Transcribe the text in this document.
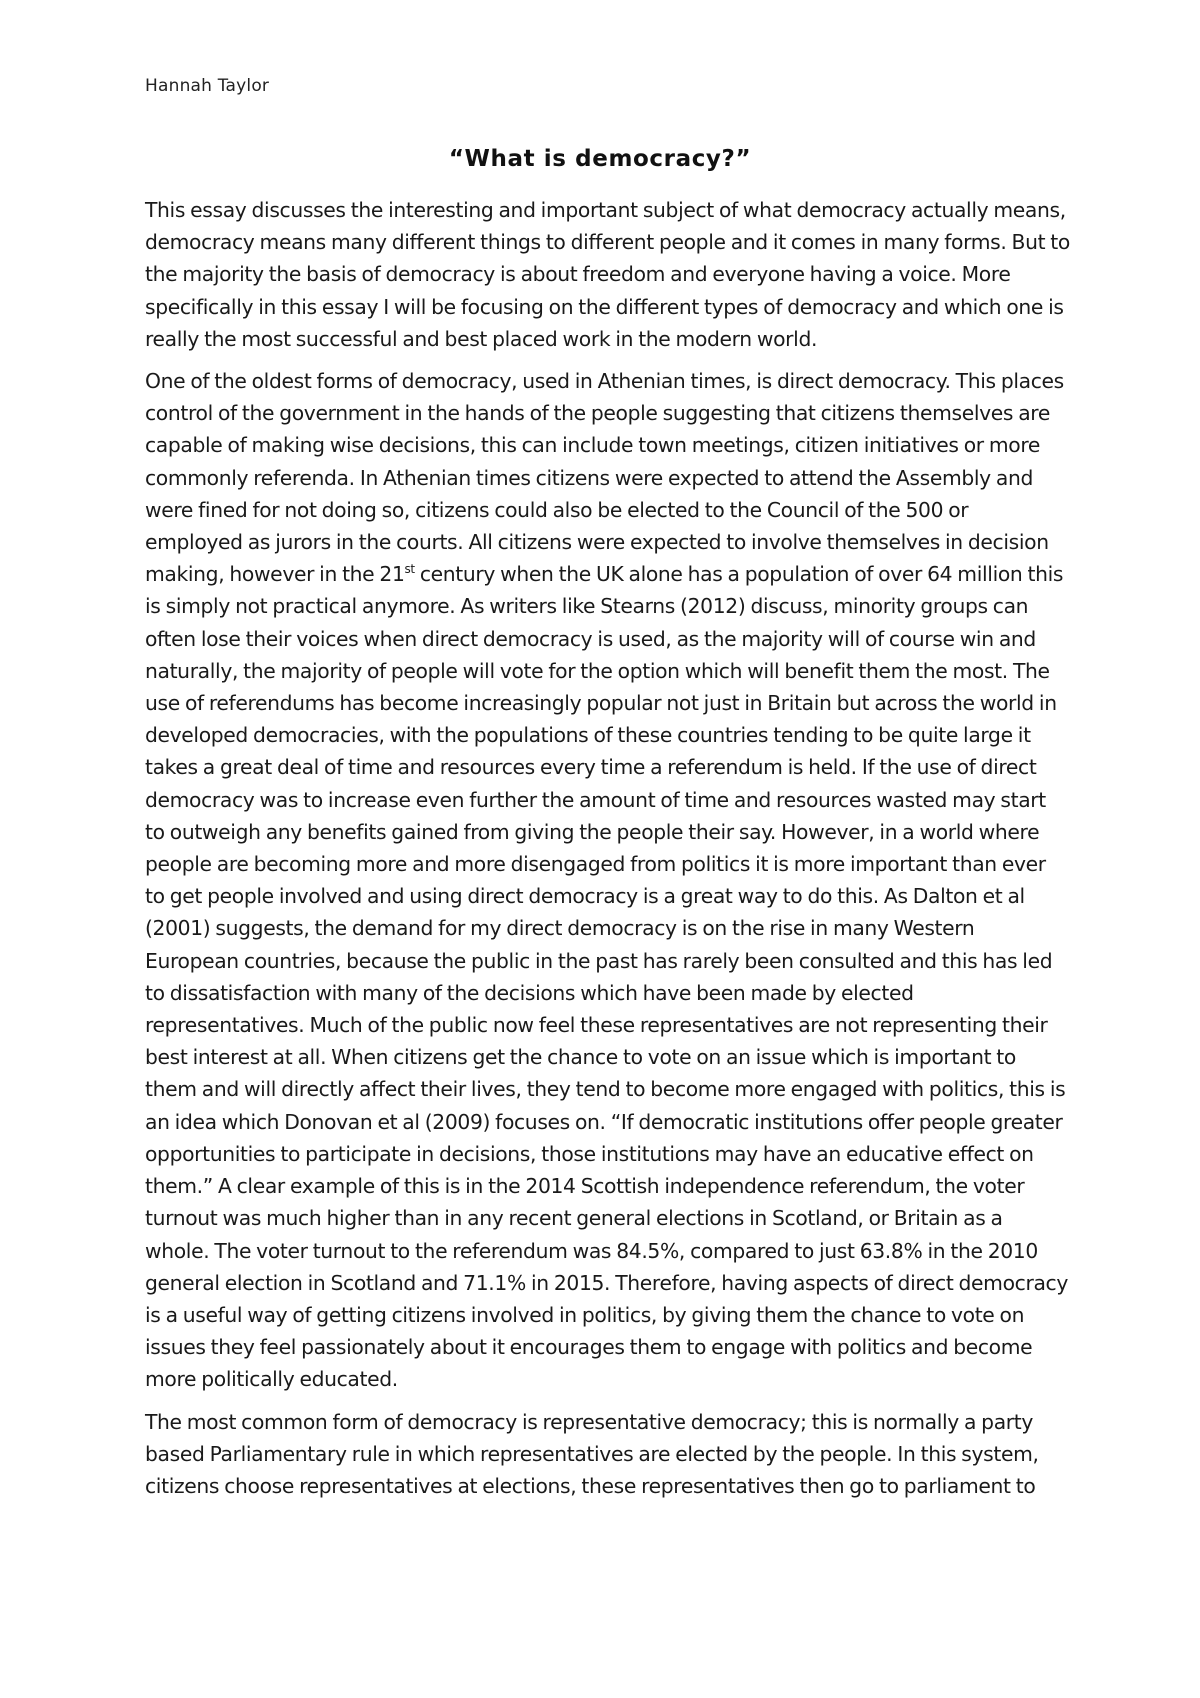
Hannah Taylor
“What is democracy?”

This essay discusses the interesting and important subject of what democracy actually means, democracy means many different things to different people and it comes in many forms. But to the majority the basis of democracy is about freedom and everyone having a voice. More specifically in this essay I will be focusing on the different types of democracy and which one is really the most successful and best placed work in the modern world.

One of the oldest forms of democracy, used in Athenian times, is direct democracy. This places control of the government in the hands of the people suggesting that citizens themselves are capable of making wise decisions, this can include town meetings, citizen initiatives or more commonly referenda. In Athenian times citizens were expected to attend the Assembly and were fined for not doing so, citizens could also be elected to the Council of the 500 or employed as jurors in the courts. All citizens were expected to involve themselves in decision making, however in the 21st century when the UK alone has a population of over 64 million this is simply not practical anymore. As writers like Stearns (2012) discuss, minority groups can often lose their voices when direct democracy is used, as the majority will of course win and naturally, the majority of people will vote for the option which will benefit them the most. The use of referendums has become increasingly popular not just in Britain but across the world in developed democracies, with the populations of these countries tending to be quite large it takes a great deal of time and resources every time a referendum is held. If the use of direct democracy was to increase even further the amount of time and resources wasted may start to outweigh any benefits gained from giving the people their say. However, in a world where people are becoming more and more disengaged from politics it is more important than ever to get people involved and using direct democracy is a great way to do this. As Dalton et al (2001) suggests, the demand for my direct democracy is on the rise in many Western European countries, because the public in the past has rarely been consulted and this has led to dissatisfaction with many of the decisions which have been made by elected representatives. Much of the public now feel these representatives are not representing their best interest at all. When citizens get the chance to vote on an issue which is important to them and will directly affect their lives, they tend to become more engaged with politics, this is an idea which Donovan et al (2009) focuses on. “If democratic institutions offer people greater opportunities to participate in decisions, those institutions may have an educative effect on them.” A clear example of this is in the 2014 Scottish independence referendum, the voter turnout was much higher than in any recent general elections in Scotland, or Britain as a whole. The voter turnout to the referendum was 84.5%, compared to just 63.8% in the 2010 general election in Scotland and 71.1% in 2015. Therefore, having aspects of direct democracy is a useful way of getting citizens involved in politics, by giving them the chance to vote on issues they feel passionately about it encourages them to engage with politics and become more politically educated.

The most common form of democracy is representative democracy; this is normally a party based Parliamentary rule in which representatives are elected by the people. In this system, citizens choose representatives at elections, these representatives then go to parliament to
